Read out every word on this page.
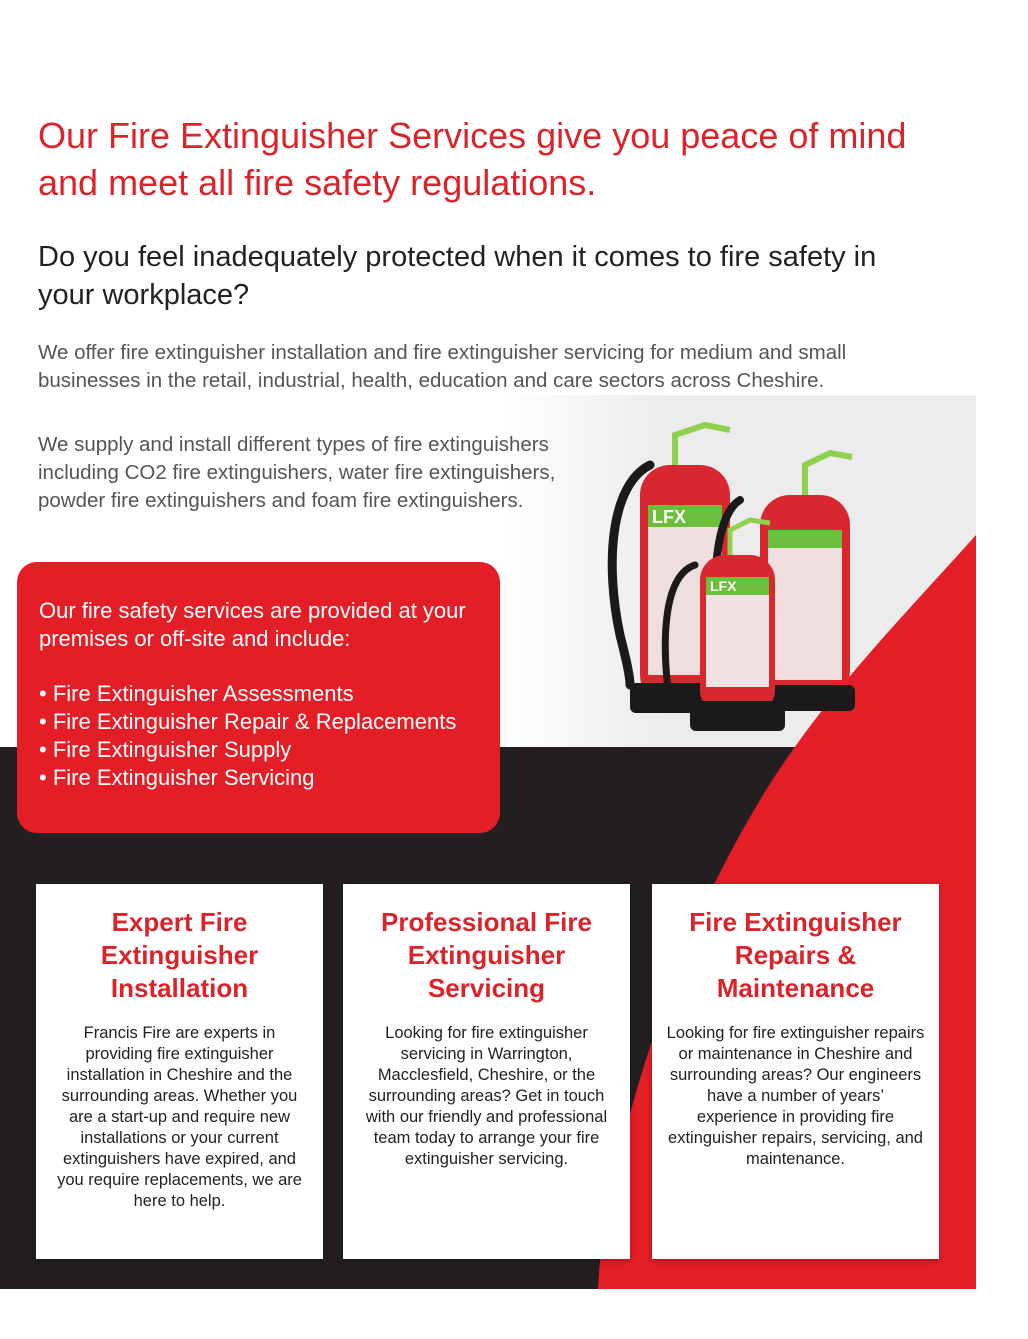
LFX
LFX
Our Fire Extinguisher Services give you peace of mind and meet all fire safety regulations.
Do you feel inadequately protected when it comes to fire safety in your workplace?

We offer fire extinguisher installation and fire extinguisher servicing for medium and small businesses in the retail, industrial, health, education and care sectors across Cheshire.

We supply and install different types of fire extinguishers including CO2 fire extinguishers, water fire extinguishers, powder fire extinguishers and foam fire extinguishers.

Our fire safety services are provided at your premises or off-site and include:

• Fire Extinguisher Assessments
• Fire Extinguisher Repair & Replacements
• Fire Extinguisher Supply
• Fire Extinguisher Servicing
Expert Fire Extinguisher Installation

Francis Fire are experts in providing fire extinguisher installation in Cheshire and the surrounding areas. Whether you are a start-up and require new installations or your current extinguishers have expired, and you require replacements, we are here to help.

Professional Fire Extinguisher Servicing

Looking for fire extinguisher servicing in Warrington, Macclesfield, Cheshire, or the surrounding areas? Get in touch with our friendly and professional team today to arrange your fire extinguisher servicing.

Fire Extinguisher Repairs & Maintenance

Looking for fire extinguisher repairs or maintenance in Cheshire and surrounding areas? Our engineers have a number of years’ experience in providing fire extinguisher repairs, servicing, and maintenance.
